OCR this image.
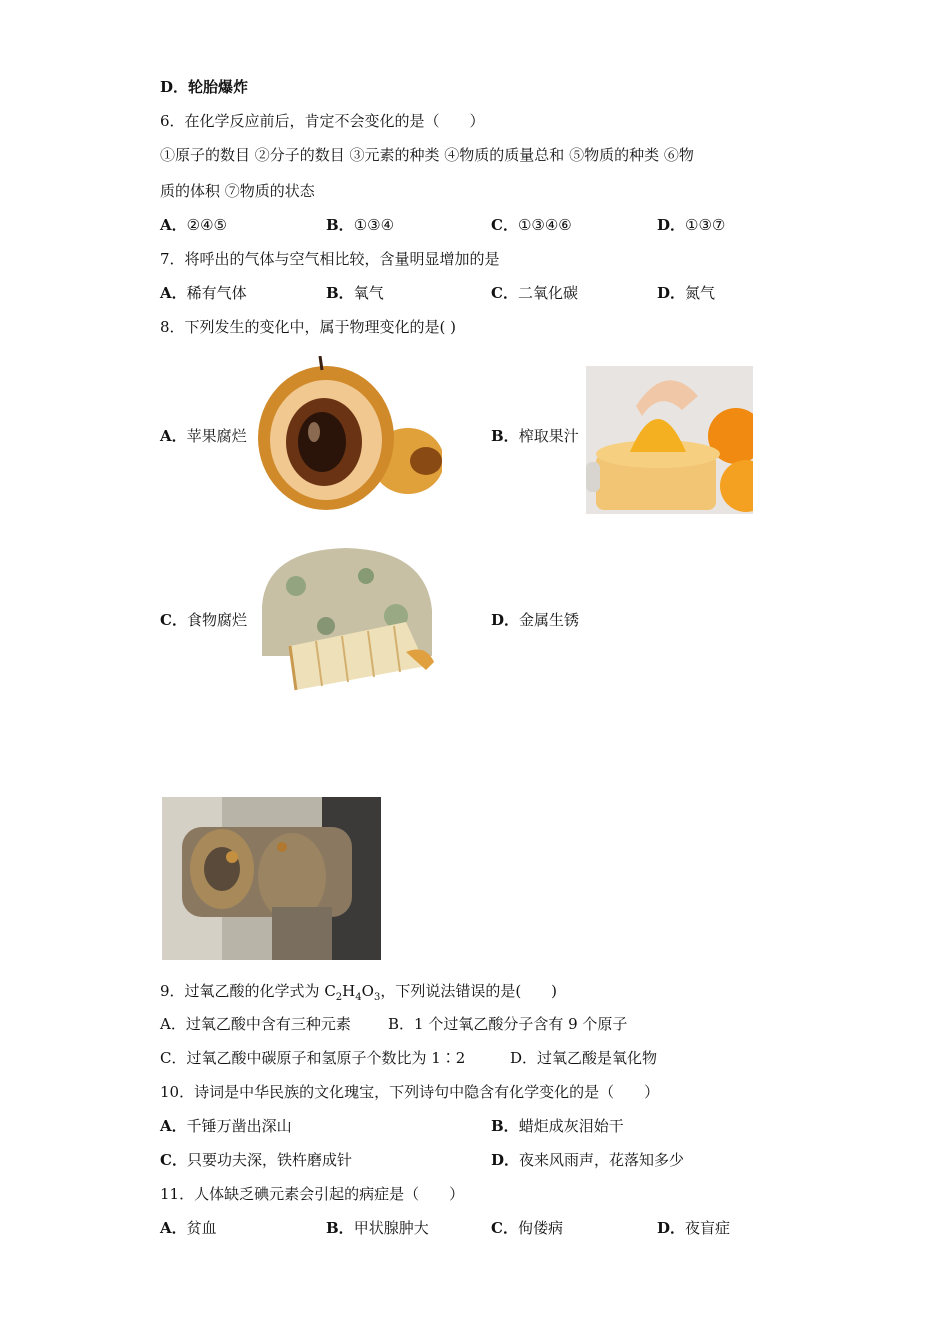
D．轮胎爆炸
6．在化学反应前后，肯定不会变化的是（　　）
①原子的数目 ②分子的数目 ③元素的种类 ④物质的质量总和 ⑤物质的种类 ⑥物
质的体积 ⑦物质的状态
A．②④⑤	B．①③④	C．①③④⑥	D．①③⑦
7．将呼出的气体与空气相比较，含量明显增加的是
A．稀有气体	B．氧气	C．二氧化碳	D．氮气
8．下列发生的变化中，属于物理变化的是( )
A．苹果腐烂	B．榨取果汁
C．食物腐烂	D．金属生锈
9．过氧乙酸的化学式为 $C_2H_4O_3$，下列说法错误的是(　　)
A．过氧乙酸中含有三种元素 B．1 个过氧乙酸分子含有 9 个原子
C．过氧乙酸中碳原子和氢原子个数比为 1∶2	D．过氧乙酸是氧化物
10．诗词是中华民族的文化瑰宝，下列诗句中隐含有化学变化的是（　　）
A．千锤万凿出深山	B．蜡炬成灰泪始干
C．只要功夫深，铁杵磨成针	D．夜来风雨声，花落知多少
11．人体缺乏碘元素会引起的病症是（　　）
A．贫血	B．甲状腺肿大	C．佝偻病	D．夜盲症
